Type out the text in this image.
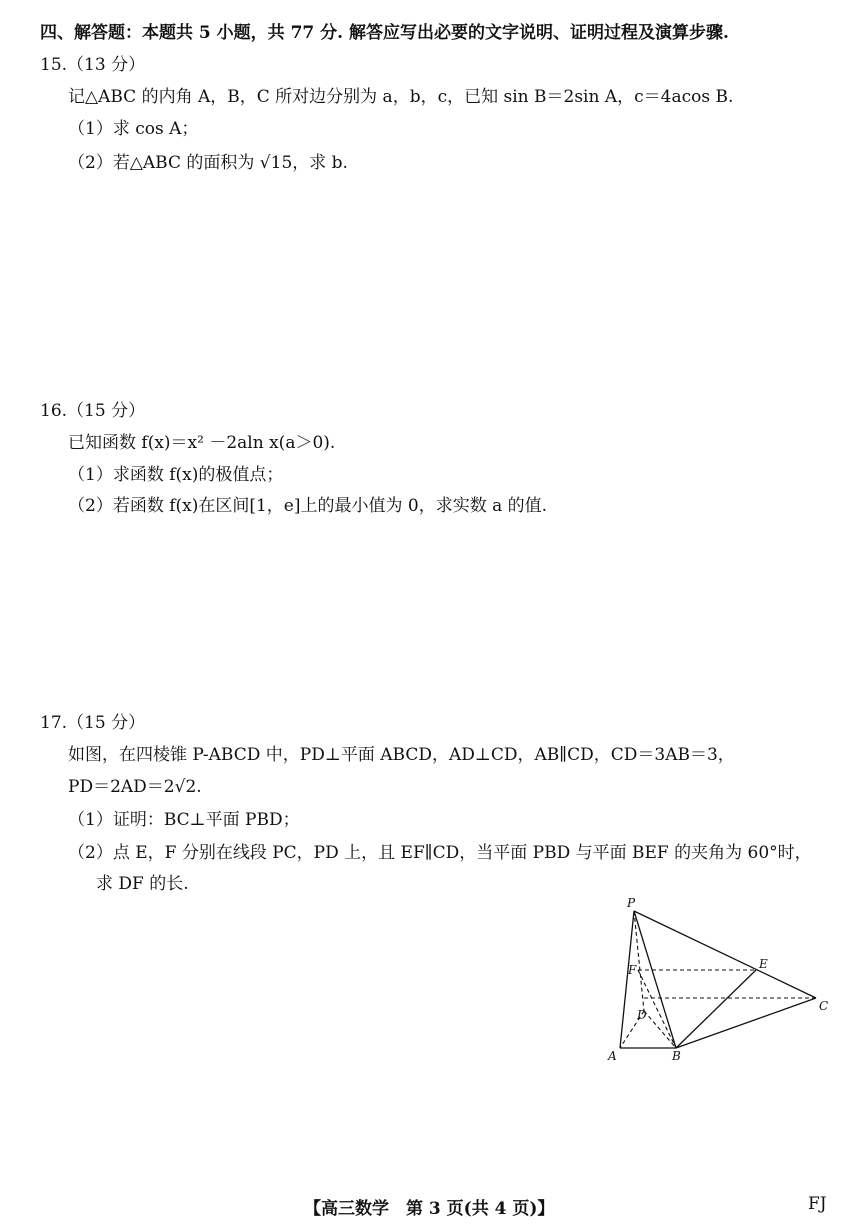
四、解答题：本题共 5 小题，共 77 分. 解答应写出必要的文字说明、证明过程及演算步骤.
15.（13 分）
记△ABC 的内角 A，B，C 所对边分别为 a，b，c，已知 sin B＝2sin A，c＝4acos B.
（1）求 cos A；
（2）若△ABC 的面积为 √15，求 b.
16.（15 分）
已知函数 f(x)＝x² －2aln x(a＞0).
（1）求函数 f(x)的极值点；
（2）若函数 f(x)在区间[1，e]上的最小值为 0，求实数 a 的值.
17.（15 分）
如图，在四棱锥 P-ABCD 中，PD⊥平面 ABCD，AD⊥CD，AB∥CD，CD＝3AB＝3，
PD＝2AD＝2√2.
（1）证明：BC⊥平面 PBD；
（2）点 E，F 分别在线段 PC，PD 上，且 EF∥CD，当平面 PBD 与平面 BEF 的夹角为 60°时，
求 DF 的长.
P
E
F
D
C
A	B
【高三数学　第 3 页(共 4 页)】	FJ
